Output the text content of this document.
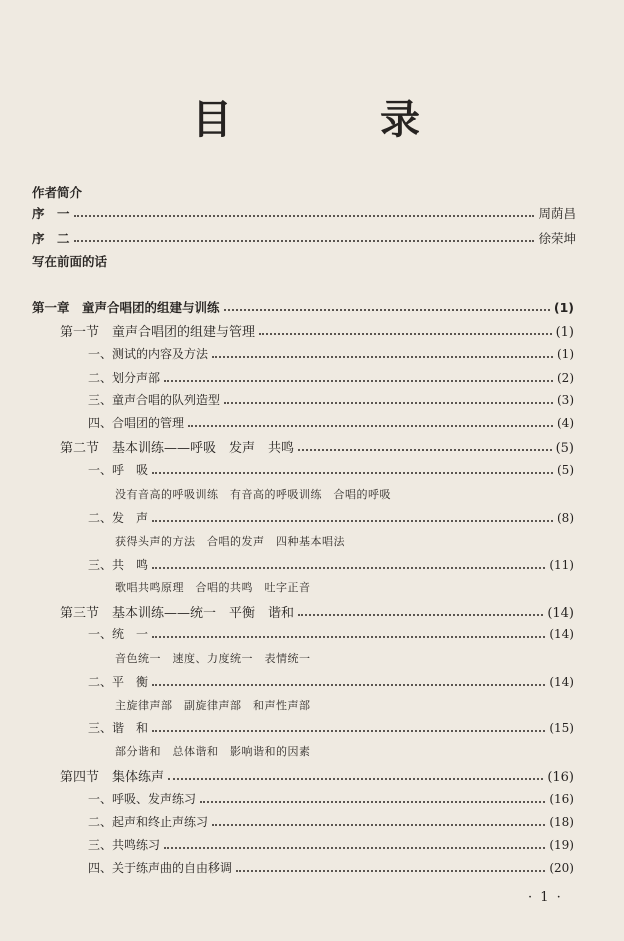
目　录
作者简介
序　一	周荫昌
序　二	徐荣坤
写在前面的话
第一章　童声合唱团的组建与训练	(1)
第一节　童声合唱团的组建与管理	(1)
一、测试的内容及方法	(1)
二、划分声部	(2)
三、童声合唱的队列造型	(3)
四、合唱团的管理	(4)
第二节　基本训练——呼吸　发声　共鸣	(5)
一、呼　吸	(5)
没有音高的呼吸训练　有音高的呼吸训练　合唱的呼吸
二、发　声	(8)
获得头声的方法　合唱的发声　四种基本唱法
三、共　鸣	(11)
歌唱共鸣原理　合唱的共鸣　吐字正音
第三节　基本训练——统一　平衡　谐和	(14)
一、统　一	(14)
音色统一　速度、力度统一　表情统一
二、平　衡	(14)
主旋律声部　副旋律声部　和声性声部
三、谐　和	(15)
部分谐和　总体谐和　影响谐和的因素
第四节　集体练声	(16)
一、呼吸、发声练习	(16)
二、起声和终止声练习	(18)
三、共鸣练习	(19)
四、关于练声曲的自由移调	(20)
· 1 ·
